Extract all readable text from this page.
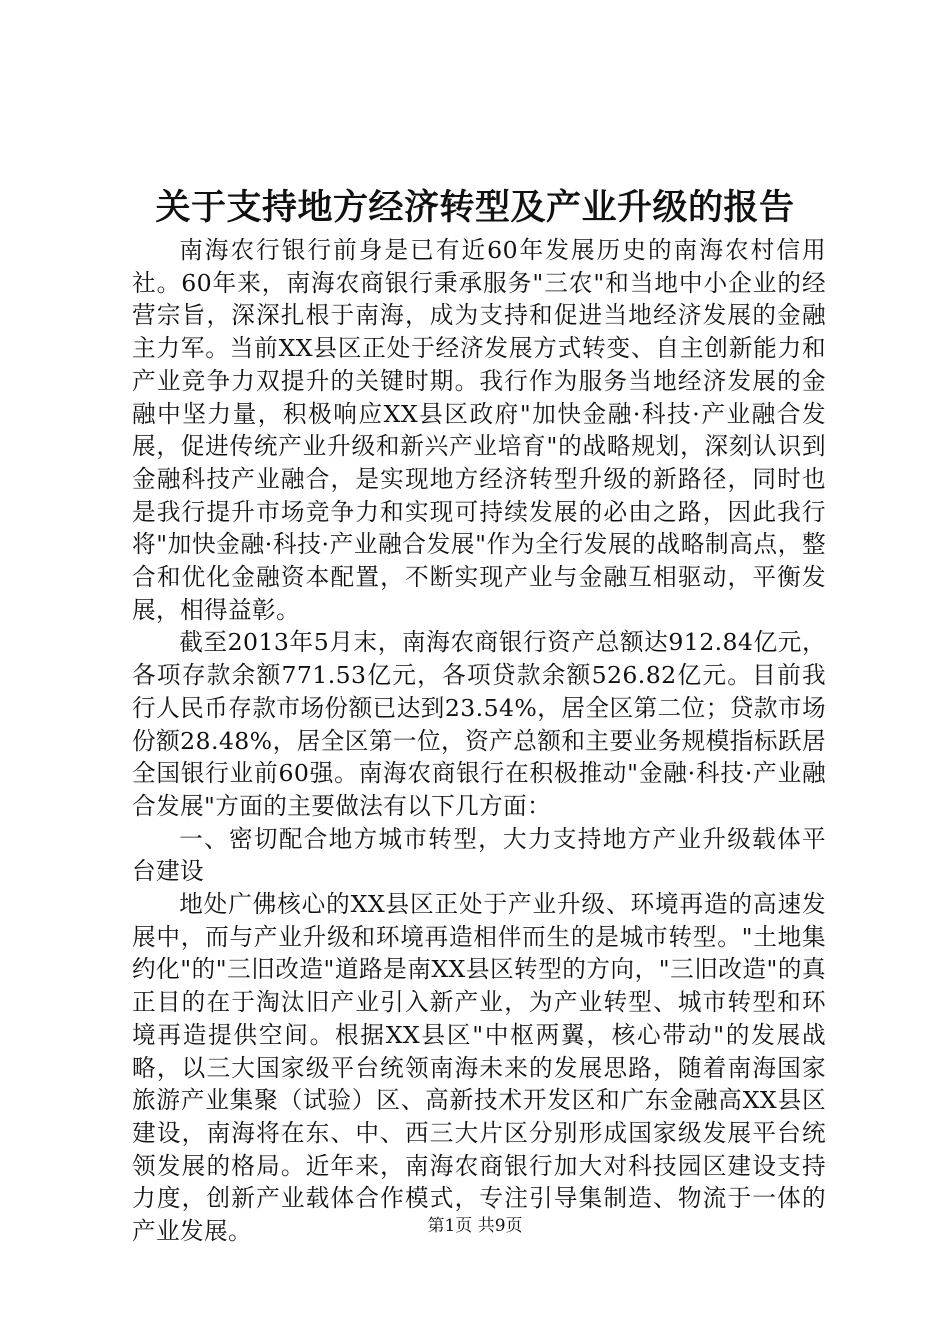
关于支持地方经济转型及产业升级的报告

南海农行银行前身是已有近60年发展历史的南海农村信用社。60年来，南海农商银行秉承服务"三农"和当地中小企业的经营宗旨，深深扎根于南海，成为支持和促进当地经济发展的金融主力军。当前XX县区正处于经济发展方式转变、自主创新能力和产业竞争力双提升的关键时期。我行作为服务当地经济发展的金融中坚力量，积极响应XX县区政府"加快金融·科技·产业融合发展，促进传统产业升级和新兴产业培育"的战略规划，深刻认识到金融科技产业融合，是实现地方经济转型升级的新路径，同时也是我行提升市场竞争力和实现可持续发展的必由之路，因此我行将"加快金融·科技·产业融合发展"作为全行发展的战略制高点，整合和优化金融资本配置，不断实现产业与金融互相驱动，平衡发展，相得益彰。

截至2013年5月末，南海农商银行资产总额达912.84亿元，各项存款余额771.53亿元，各项贷款余额526.82亿元。目前我行人民币存款市场份额已达到23.54%，居全区第二位；贷款市场份额28.48%，居全区第一位，资产总额和主要业务规模指标跃居全国银行业前60强。南海农商银行在积极推动"金融·科技·产业融合发展"方面的主要做法有以下几方面：

一、密切配合地方城市转型，大力支持地方产业升级载体平台建设

地处广佛核心的XX县区正处于产业升级、环境再造的高速发展中，而与产业升级和环境再造相伴而生的是城市转型。"土地集约化"的"三旧改造"道路是南XX县区转型的方向，"三旧改造"的真正目的在于淘汰旧产业引入新产业，为产业转型、城市转型和环境再造提供空间。根据XX县区"中枢两翼，核心带动"的发展战略，以三大国家级平台统领南海未来的发展思路，随着南海国家旅游产业集聚（试验）区、高新技术开发区和广东金融高XX县区建设，南海将在东、中、西三大片区分别形成国家级发展平台统领发展的格局。近年来，南海农商银行加大对科技园区建设支持力度，创新产业载体合作模式，专注引导集制造、物流于一体的产业发展。	第1页 共9页
